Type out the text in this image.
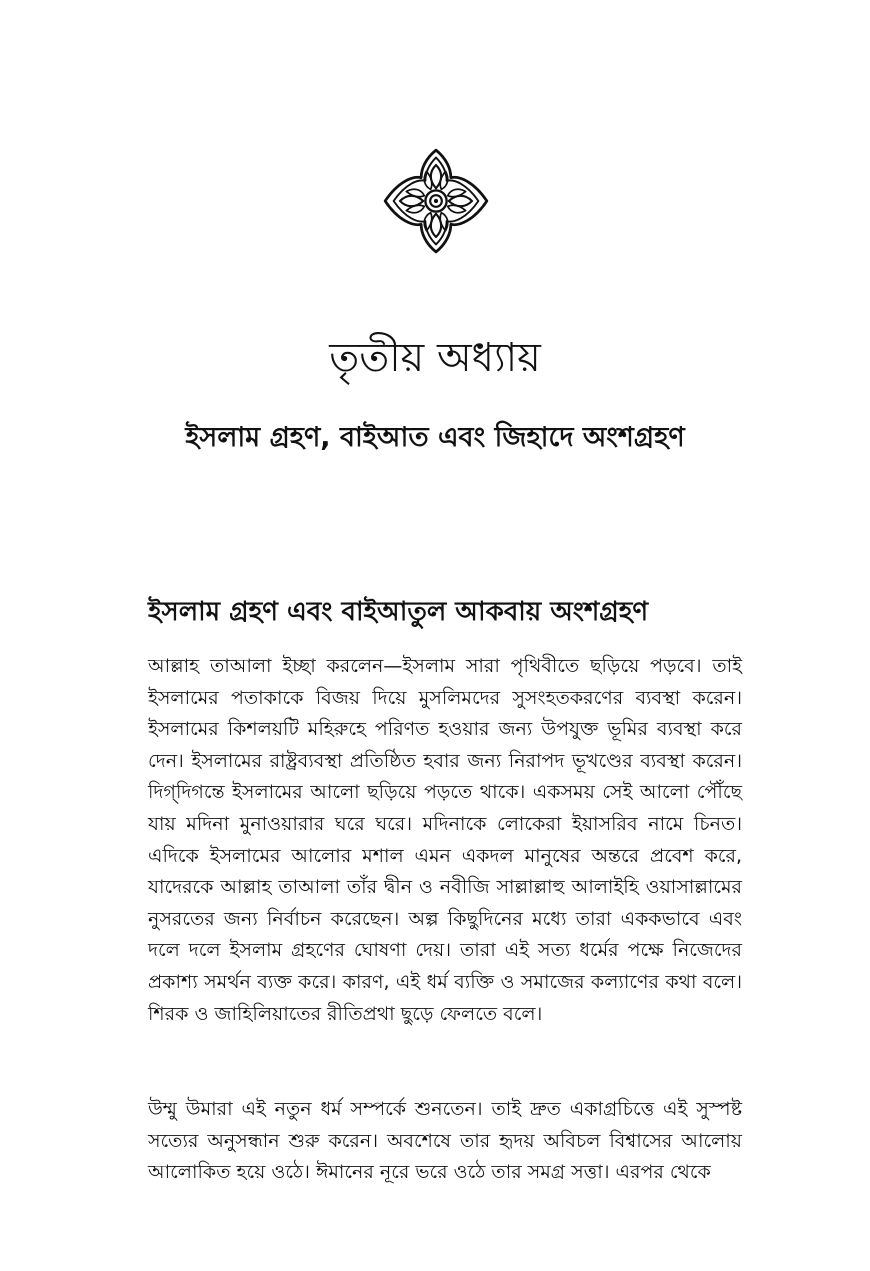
তৃতীয় অধ্যায়
ইসলাম গ্রহণ, বাইআত এবং জিহাদে অংশগ্রহণ
ইসলাম গ্রহণ এবং বাইআতুল আকবায় অংশগ্রহণ

আল্লাহ তাআলা ইচ্ছা করলেন—ইসলাম সারা পৃথিবীতে ছড়িয়ে পড়বে। তাই ইসলামের পতাকাকে বিজয় দিয়ে মুসলিমদের সুসংহতকরণের ব্যবস্থা করেন। ইসলামের কিশলয়টি মহিরুহে পরিণত হওয়ার জন্য উপযুক্ত ভূমির ব্যবস্থা করে দেন। ইসলামের রাষ্ট্রব্যবস্থা প্রতিষ্ঠিত হবার জন্য নিরাপদ ভূখণ্ডের ব্যবস্থা করেন। দিগ্‌দিগন্তে ইসলামের আলো ছড়িয়ে পড়তে থাকে। একসময় সেই আলো পৌঁছে যায় মদিনা মুনাওয়ারার ঘরে ঘরে। মদিনাকে লোকেরা ইয়াসরিব নামে চিনত। এদিকে ইসলামের আলোর মশাল এমন একদল মানুষের অন্তরে প্রবেশ করে, যাদেরকে আল্লাহ তাআলা তাঁর দ্বীন ও নবীজি সাল্লাল্লাহু আলাইহি ওয়াসাল্লামের নুসরতের জন্য নির্বাচন করেছেন। অল্প কিছুদিনের মধ্যে তারা এককভাবে এবং দলে দলে ইসলাম গ্রহণের ঘোষণা দেয়। তারা এই সত্য ধর্মের পক্ষে নিজেদের প্রকাশ্য সমর্থন ব্যক্ত করে। কারণ, এই ধর্ম ব্যক্তি ও সমাজের কল্যাণের কথা বলে। শিরক ও জাহিলিয়াতের রীতিপ্রথা ছুড়ে ফেলতে বলে।

উম্মু উমারা এই নতুন ধর্ম সম্পর্কে শুনতেন। তাই দ্রুত একাগ্রচিত্তে এই সুস্পষ্ট সত্যের অনুসন্ধান শুরু করেন। অবশেষে তার হৃদয় অবিচল বিশ্বাসের আলোয় আলোকিত হয়ে ওঠে। ঈমানের নূরে ভরে ওঠে তার সমগ্র সত্তা। এরপর থেকে
